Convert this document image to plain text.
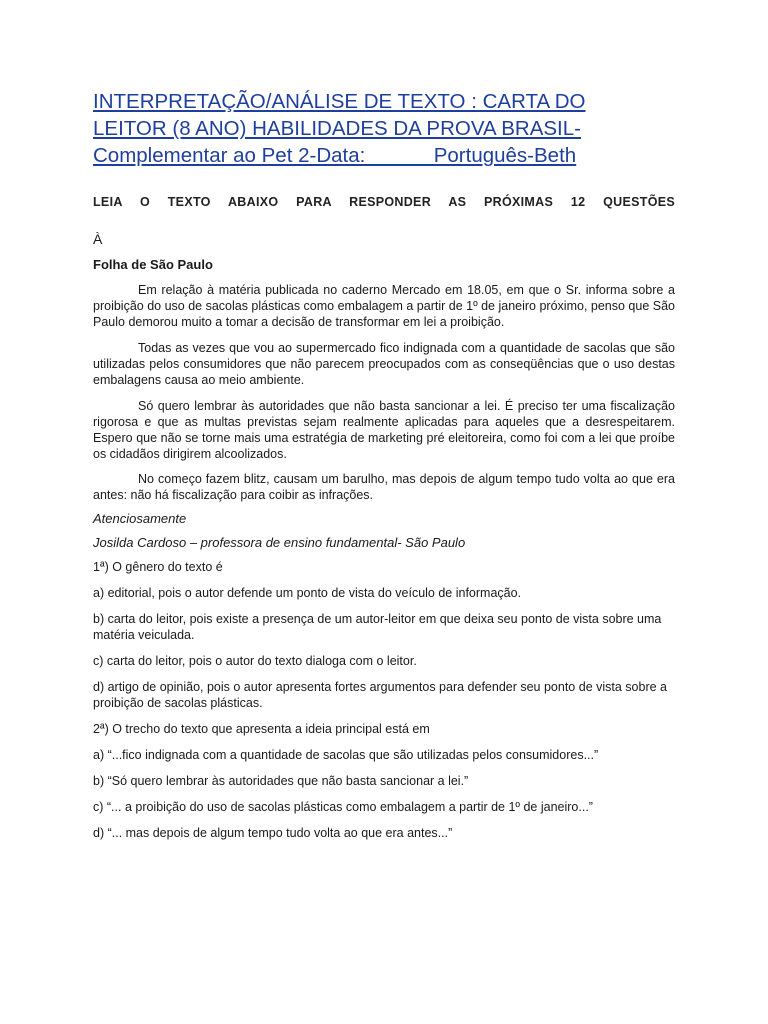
INTERPRETAÇÃO/ANÁLISE DE TEXTO : CARTA DO
LEITOR (8 ANO) HABILIDADES DA PROVA BRASIL-
Complementar ao Pet 2-Data:______Português-Beth
LEIA O TEXTO ABAIXO PARA RESPONDER AS PRÓXIMAS 12 QUESTÕES
À
Folha de São Paulo

Em relação à matéria publicada no caderno Mercado em 18.05, em que o Sr. informa sobre a proibição do uso de sacolas plásticas como embalagem a partir de 1º de janeiro próximo, penso que São Paulo demorou muito a tomar a decisão de transformar em lei a proibição.

Todas as vezes que vou ao supermercado fico indignada com a quantidade de sacolas que são utilizadas pelos consumidores que não parecem preocupados com as conseqüências que o uso destas embalagens causa ao meio ambiente.

Só quero lembrar às autoridades que não basta sancionar a lei. É preciso ter uma fiscalização rigorosa e que as multas previstas sejam realmente aplicadas para aqueles que a desrespeitarem. Espero que não se torne mais uma estratégia de marketing pré eleitoreira, como foi com a lei que proíbe os cidadãos dirigirem alcoolizados.

No começo fazem blitz, causam um barulho, mas depois de algum tempo tudo volta ao que era antes: não há fiscalização para coibir as infrações.

Atenciosamente
Josilda Cardoso – professora de ensino fundamental- São Paulo

1ª) O gênero do texto é

a) editorial, pois o autor defende um ponto de vista do veículo de informação.

b) carta do leitor, pois existe a presença de um autor-leitor em que deixa seu ponto de vista sobre uma matéria veiculada.

c) carta do leitor, pois o autor do texto dialoga com o leitor.

d) artigo de opinião, pois o autor apresenta fortes argumentos para defender seu ponto de vista sobre a proibição de sacolas plásticas.

2ª) O trecho do texto que apresenta a ideia principal está em

a) “...fico indignada com a quantidade de sacolas que são utilizadas pelos consumidores...”

b) “Só quero lembrar às autoridades que não basta sancionar a lei.”

c) “... a proibição do uso de sacolas plásticas como embalagem a partir de 1º de janeiro...”

d) “... mas depois de algum tempo tudo volta ao que era antes...”
